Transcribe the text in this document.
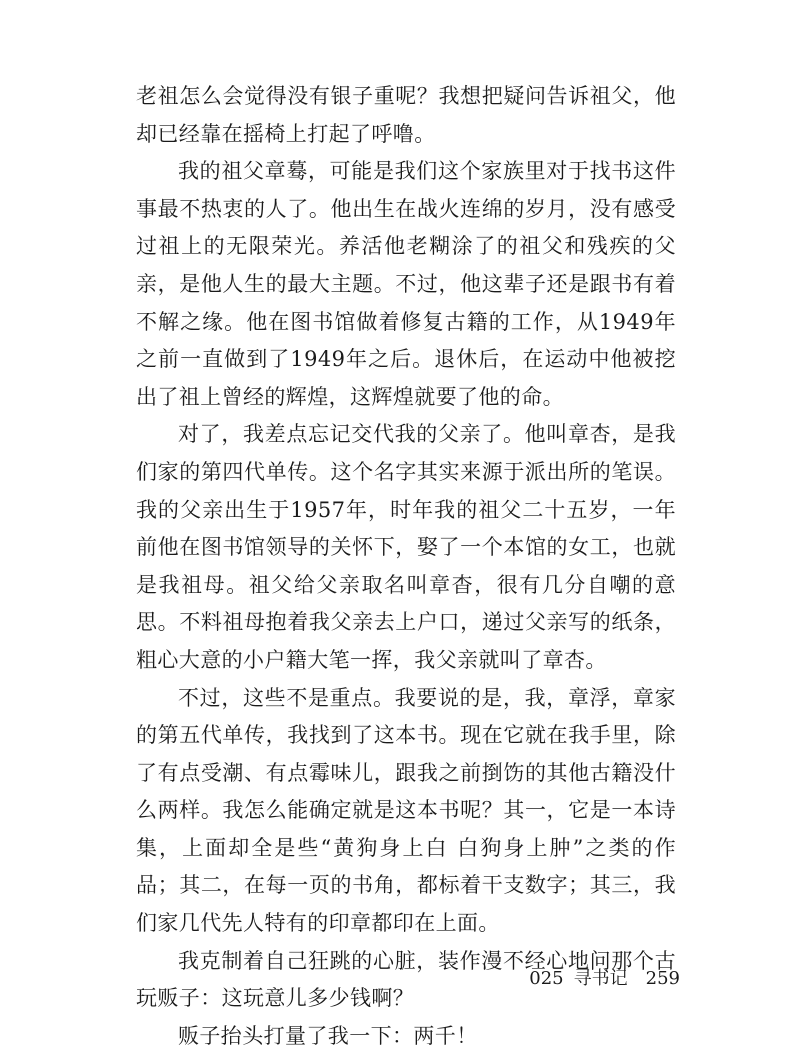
老祖怎么会觉得没有银子重呢？我想把疑问告诉祖父，他却已经靠在摇椅上打起了呼噜。

我的祖父章蓦，可能是我们这个家族里对于找书这件事最不热衷的人了。他出生在战火连绵的岁月，没有感受过祖上的无限荣光。养活他老糊涂了的祖父和残疾的父亲，是他人生的最大主题。不过，他这辈子还是跟书有着不解之缘。他在图书馆做着修复古籍的工作，从1949年之前一直做到了1949年之后。退休后，在运动中他被挖出了祖上曾经的辉煌，这辉煌就要了他的命。

对了，我差点忘记交代我的父亲了。他叫章杏，是我们家的第四代单传。这个名字其实来源于派出所的笔误。我的父亲出生于1957年，时年我的祖父二十五岁，一年前他在图书馆领导的关怀下，娶了一个本馆的女工，也就是我祖母。祖父给父亲取名叫章杳，很有几分自嘲的意思。不料祖母抱着我父亲去上户口，递过父亲写的纸条，粗心大意的小户籍大笔一挥，我父亲就叫了章杏。

不过，这些不是重点。我要说的是，我，章浮，章家的第五代单传，我找到了这本书。现在它就在我手里，除了有点受潮、有点霉味儿，跟我之前捯饬的其他古籍没什么两样。我怎么能确定就是这本书呢？其一，它是一本诗集，上面却全是些“黄狗身上白 白狗身上肿”之类的作品；其二，在每一页的书角，都标着干支数字；其三，我们家几代先人特有的印章都印在上面。

我克制着自己狂跳的心脏，装作漫不经心地问那个古玩贩子：这玩意儿多少钱啊？

贩子抬头打量了我一下：两千！

025 寻书记 259
